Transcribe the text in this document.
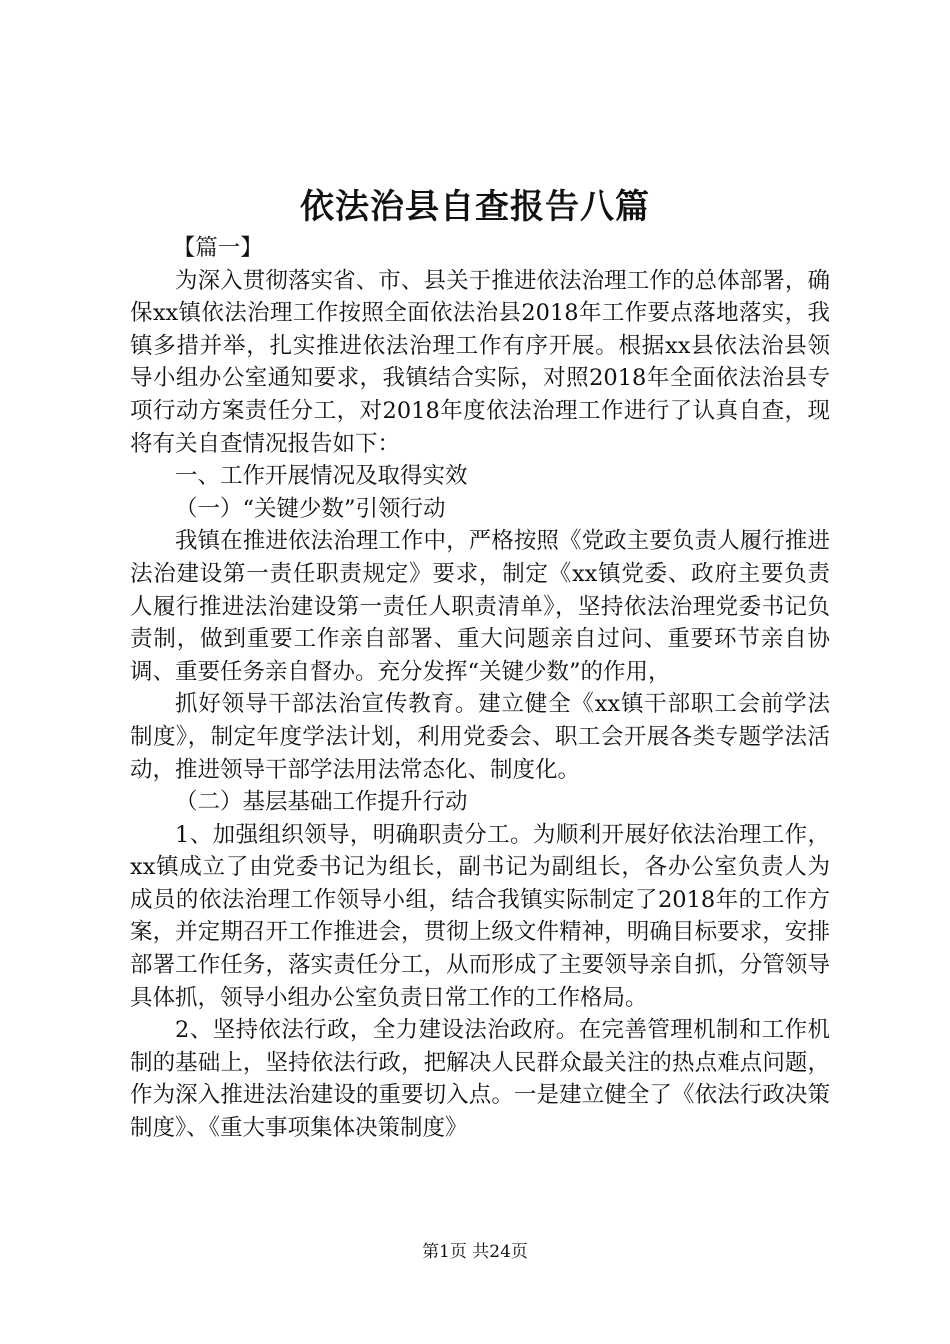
依法治县自查报告八篇

【篇一】

为深入贯彻落实省、市、县关于推进依法治理工作的总体部署，确保xx镇依法治理工作按照全面依法治县2018年工作要点落地落实，我镇多措并举，扎实推进依法治理工作有序开展。根据xx县依法治县领导小组办公室通知要求，我镇结合实际，对照2018年全面依法治县专项行动方案责任分工，对2018年度依法治理工作进行了认真自查，现将有关自查情况报告如下：

一、工作开展情况及取得实效

（一）“关键少数”引领行动

我镇在推进依法治理工作中，严格按照《党政主要负责人履行推进法治建设第一责任职责规定》要求，制定《xx镇党委、政府主要负责人履行推进法治建设第一责任人职责清单》，坚持依法治理党委书记负责制，做到重要工作亲自部署、重大问题亲自过问、重要环节亲自协调、重要任务亲自督办。充分发挥“关键少数”的作用，

抓好领导干部法治宣传教育。建立健全《xx镇干部职工会前学法制度》，制定年度学法计划，利用党委会、职工会开展各类专题学法活动，推进领导干部学法用法常态化、制度化。

（二）基层基础工作提升行动

1、加强组织领导，明确职责分工。为顺利开展好依法治理工作，xx镇成立了由党委书记为组长，副书记为副组长，各办公室负责人为成员的依法治理工作领导小组，结合我镇实际制定了2018年的工作方案，并定期召开工作推进会，贯彻上级文件精神，明确目标要求，安排部署工作任务，落实责任分工，从而形成了主要领导亲自抓，分管领导具体抓，领导小组办公室负责日常工作的工作格局。

2、坚持依法行政，全力建设法治政府。在完善管理机制和工作机制的基础上，坚持依法行政，把解决人民群众最关注的热点难点问题，作为深入推进法治建设的重要切入点。一是建立健全了《依法行政决策制度》、《重大事项集体决策制度》

第1页 共24页
